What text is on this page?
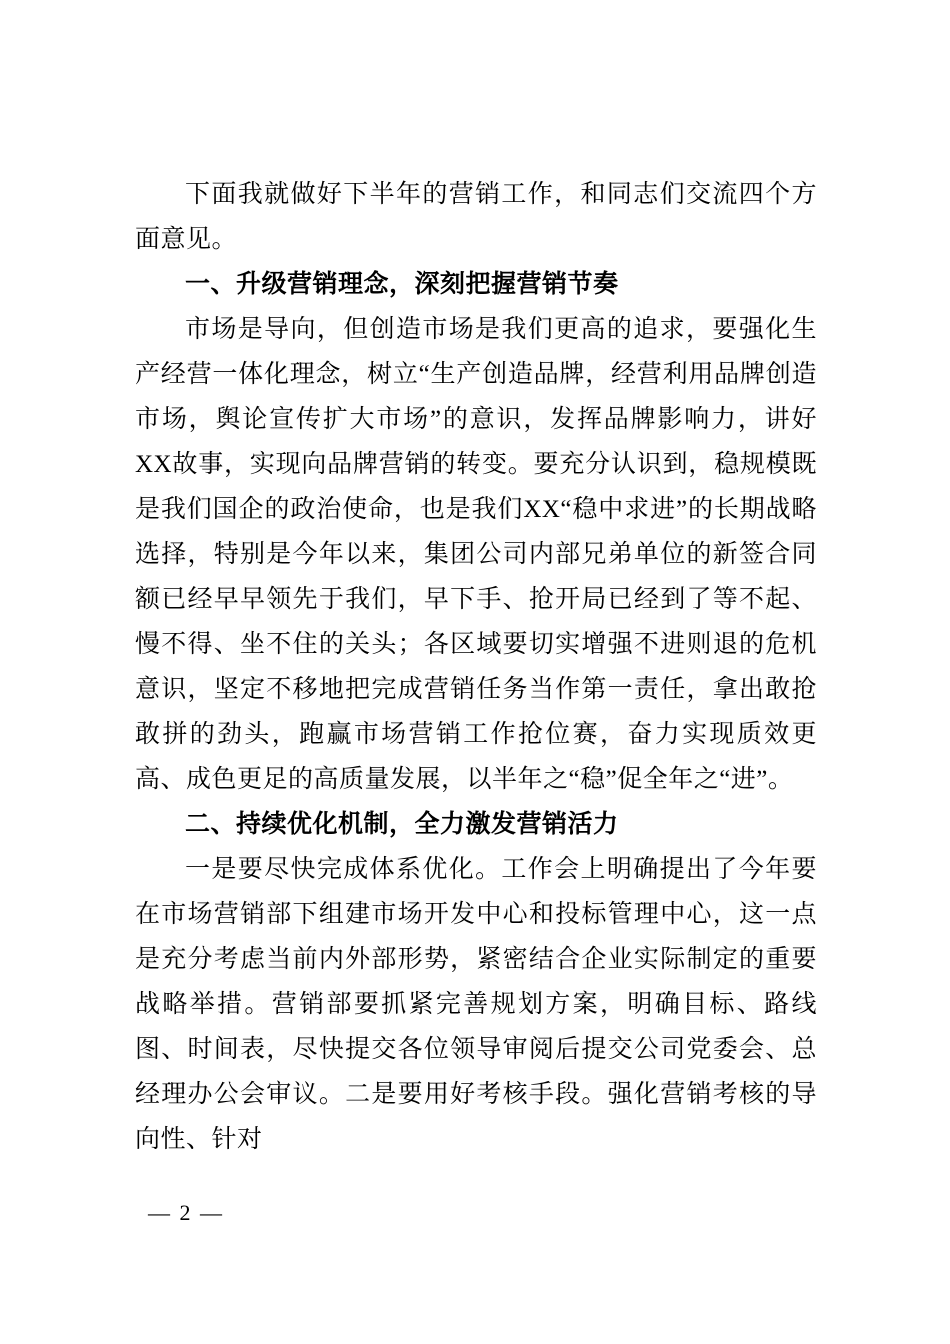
下面我就做好下半年的营销工作，和同志们交流四个方面意见。

一、升级营销理念，深刻把握营销节奏

市场是导向，但创造市场是我们更高的追求，要强化生产经营一体化理念，树立“生产创造品牌，经营利用品牌创造市场，舆论宣传扩大市场”的意识，发挥品牌影响力，讲好XX故事，实现向品牌营销的转变。要充分认识到，稳规模既是我们国企的政治使命，也是我们XX“稳中求进”的长期战略选择，特别是今年以来，集团公司内部兄弟单位的新签合同额已经早早领先于我们，早下手、抢开局已经到了等不起、慢不得、坐不住的关头；各区域要切实增强不进则退的危机意识，坚定不移地把完成营销任务当作第一责任，拿出敢抢敢拼的劲头，跑赢市场营销工作抢位赛，奋力实现质效更高、成色更足的高质量发展，以半年之“稳”促全年之“进”。

二、持续优化机制，全力激发营销活力

一是要尽快完成体系优化。工作会上明确提出了今年要在市场营销部下组建市场开发中心和投标管理中心，这一点是充分考虑当前内外部形势，紧密结合企业实际制定的重要战略举措。营销部要抓紧完善规划方案，明确目标、路线图、时间表，尽快提交各位领导审阅后提交公司党委会、总经理办公会审议。二是要用好考核手段。强化营销考核的导向性、针对

— 2 —
